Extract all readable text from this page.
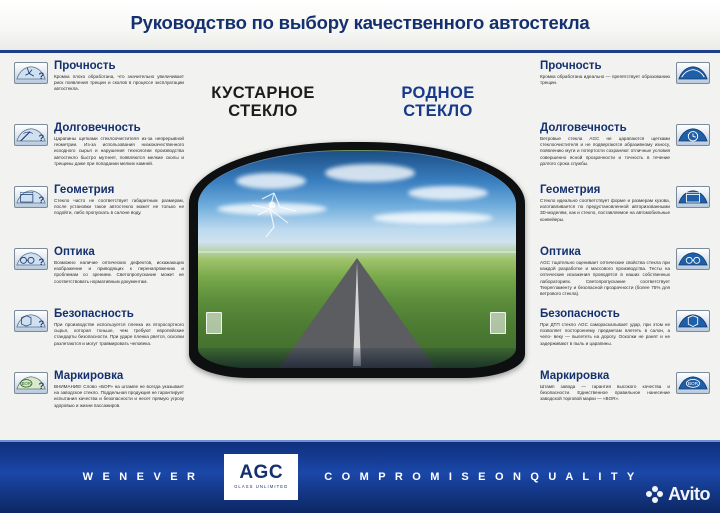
Руководство по выбору качественного автостекла
?
Прочность
Кромка плохо обработана, что значительно увеличивает риск появления трещин и сколов в процессе эксплуатации автостекла.
?
Долговечность
Царапины щетками стеклоочистителя из-за непрерывной геометрии. Из-за использования низкокачественного исходного сырья и нарушения технологии производства автостекло быстро мутнеет, появляются мелкие сколы и трещины даже при попадании мелких камней.
?
Геометрия
Стекло часто не соответствует габаритным размерам, после установки такое автостекло может не только не подойти, либо пропускать в салоне воду.
?
Оптика
Возможно наличие оптических дефектов, искажающих изображение и приводящих к перенапряжению и проблемам со зрением. Светопропускание может не соответствовать нормативным документам.
?
Безопасность
При производстве используется пленка из второсортного сырья, которая тоньше, чем требуют европейские стандарты безопасности. При ударе пленка рвется, осколки разлетаются и могут травмировать человека.
BOR ?
Маркировка
ВНИМАНИЕ! Слово «БОР» на штампе не всегда указывает на заводское стекло. Поддельная продукция не гарантирует испытания качества и безопасности и несет прямую угрозу здоровью и жизни пассажиров.
Прочность
Кромка обработана идеально — препятствует образованию трещин.
Долговечность
Ветровые стекла AGC не царапаются щетками стеклоочистителя и не подвергаются абразивному износу, появлению мути и потертости сохраняют отличные условия совершенно ясной прозрачности и точность в течение долгого срока службы.
Геометрия
Стекло идеально соответствует форме и размерам кузова, изготавливается по предустановленной авторизованными 3D-моделям, как и стекло, поставляемое на автомобильные конвейеры.
Оптика
AGC тщательно оценивает оптические свойства стекла при каждой разработке и массового производства. Тесты на оптические искажения проводятся в наших собственных лабораториях. Светопропускание соответствует Техрегламенту и безопасной прозрачности (более 75% для ветрового стекла).
Безопасность
При ДТП стекло AGC самораскалывает удар, при этом не позволяет постороннему предметам влететь в салон, а чело- веку — вылететь на дорогу. Осколки не ранят и не задерживают в пыль и царапины.
BOR
Маркировка
Штамп завода — гарантия высокого качества и безопасности. Единственное правильное нанесение заводской торговой марки — «BOR».
КУСТАРНОЕ СТЕКЛО
РОДНОЕ СТЕКЛО
W E N E V E R AGC
GLASS UNLIMITED
C O M P R O M I S E O N Q U A L I T Y
Avito
